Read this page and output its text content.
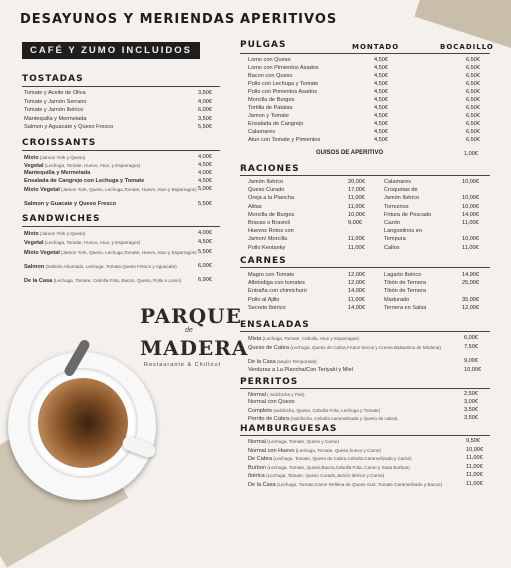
DESAYUNOS Y MERIENDAS
CAFÉ Y ZUMO INCLUIDOS
TOSTADAS
Tomate y Aceite de Oliva	3,50€
Tomate y Jamón Serrano	4,00€
Tomate y Jamón Ibérico	6,00€
Mantequilla y Mermelada	3,50€
Salmon y Aguacate y Queso Fresco	5,50€
CROISSANTS
Mixto (Jamon York y Queso)	4,00€
Vegetal (Lechuga, Tomate, Huevo, Atun, y Esparragos)	4,50€
Mantequilla y Mermelada	4,00€
Ensalada de Cangrejo con Lechuga y Tomate	4,50€
Mixto Vegetal (Jamon York, Queso, Lechuga,Tomate, Huevo, Atun y Esparragos) 5,00€
Salmon y Guacate y Queso Fresco	5,50€
SANDWICHES
Mixto (Jamon York y Queso)	4,00€
Vegetal (Lechuga, Tomate, Huevo, Atun, y Esparragos)	4,50€
Mixto Vegetal (Jamon York, Queso, Lechuga,Tomate, Huevo, Atun y Esparragos) 5,50€
Salmon (Salmón Ahumado, Lechuga, Tomate,Queso Fresco y Aguacate)	6,00€
De la Casa (Lechuga, Tomate, Cebolla Frita, Bacon, Queso, Pollo o Lomo)	6,90€
PARQUE
de
MADERA
Restaurante & Chillout
APERITIVOS
PULGAS	MONTADO	BOCADILLO
Lomo con Queso	4,50€	6,50€
Lomo con Pimientos Asados	4,50€	6,50€
Bacon con Queso	4,50€	6,50€
Pollo con Lechuga y Tomate	4,50€	6,50€
Pollo con Pimientos Asados	4,50€	6,50€
Morcilla de Burgos	4,50€	6,50€
Tortilla de Patatas	4,50€	6,50€
Jamon y Tomate	4,50€	6,50€
Ensalada de Cangrejo	4,50€	6,50€
Calamares	4,50€	6,50€
Atun con Tomate y Pimientos	4,50€	6,50€
GUISOS DE APERITIVO	1,00€
RACIONES
Jamón Ibérico	20,00€
Queso Curado	17,00€
Oreja a la Plancha	11,00€
Alitas	11,00€
Morcilla de Burgos	10,00€
Bravas o Bravioli	9,00€
Huevos Rotos con
Jamon/ Morcilla	11,00€
Pollo Kentanky	11,00€
Calamares	10,00€
Croquetas de
Jamón Ibérico	10,00€
Torreznos	10,00€
Fritura de Pescado	14,00€
Cazón	11,00€
Langostinos en
Tempura	10,00€
Callos	11,00€
CARNES
Magro con Tomate	12,00€
Albóndiga con tomates	12,00€
Entraña con chimichurri	14,00€
Pollo al Ajillo	11,00€
Secreto Ibérico	14,00€
Lagarto Ibérico	14,90€
Tibón de Ternera	25,00€
Tibón de Ternera
Madurado	35,00€
Ternera en Salsa	12,00€
ENSALADAS
Mixta (Lechuga, Tomate, Cebolla, Atun y Esparragos)	6,00€
Queso de Cabra (Lechuga, Queso de Cabra,Frutos Secos y Crema Balsamica de Modena)	7,50€
De la Casa (según Temporada)	9,00€
Verduras a La Plancha/Con Teriyaki y Miel	10,00€
PERRITOS
Normal ( Salchicha y Pan)	2,50€
Normal con Queso	3,00€
Completo (salchicha, Queso, Cebolla Frita, Lechuga y Tomate)	3,50€
Perrito de Cabra (Salchicha, Cebolla caramelizada y Queso de cabra)	3,50€
HAMBURGUESAS
Normal (Lechuga, Tomate, Queso y Carne)	9,50€
Normal con Huevo (Lechuga, Tomate, Queso,huevo y Carne)	10,00€
De Cabra (Lechuga, Tomate, Queso de Cabra,Cebolla Caramelizada y Carne)	11,00€
Burbon (Lechuga, Tomate, Queso,Bacon,Cebolla Frita, Carne y Sasa Burbon)	11,00€
Ibérica (Lechuga, Tomate, Queso Curado,Jamón Ibérico y Carne)	11,00€
De la Casa (Lechuga, Tomate,Carne Rellena de Queso Azul, Tomate Caramelizado y Bacon)	11,00€
